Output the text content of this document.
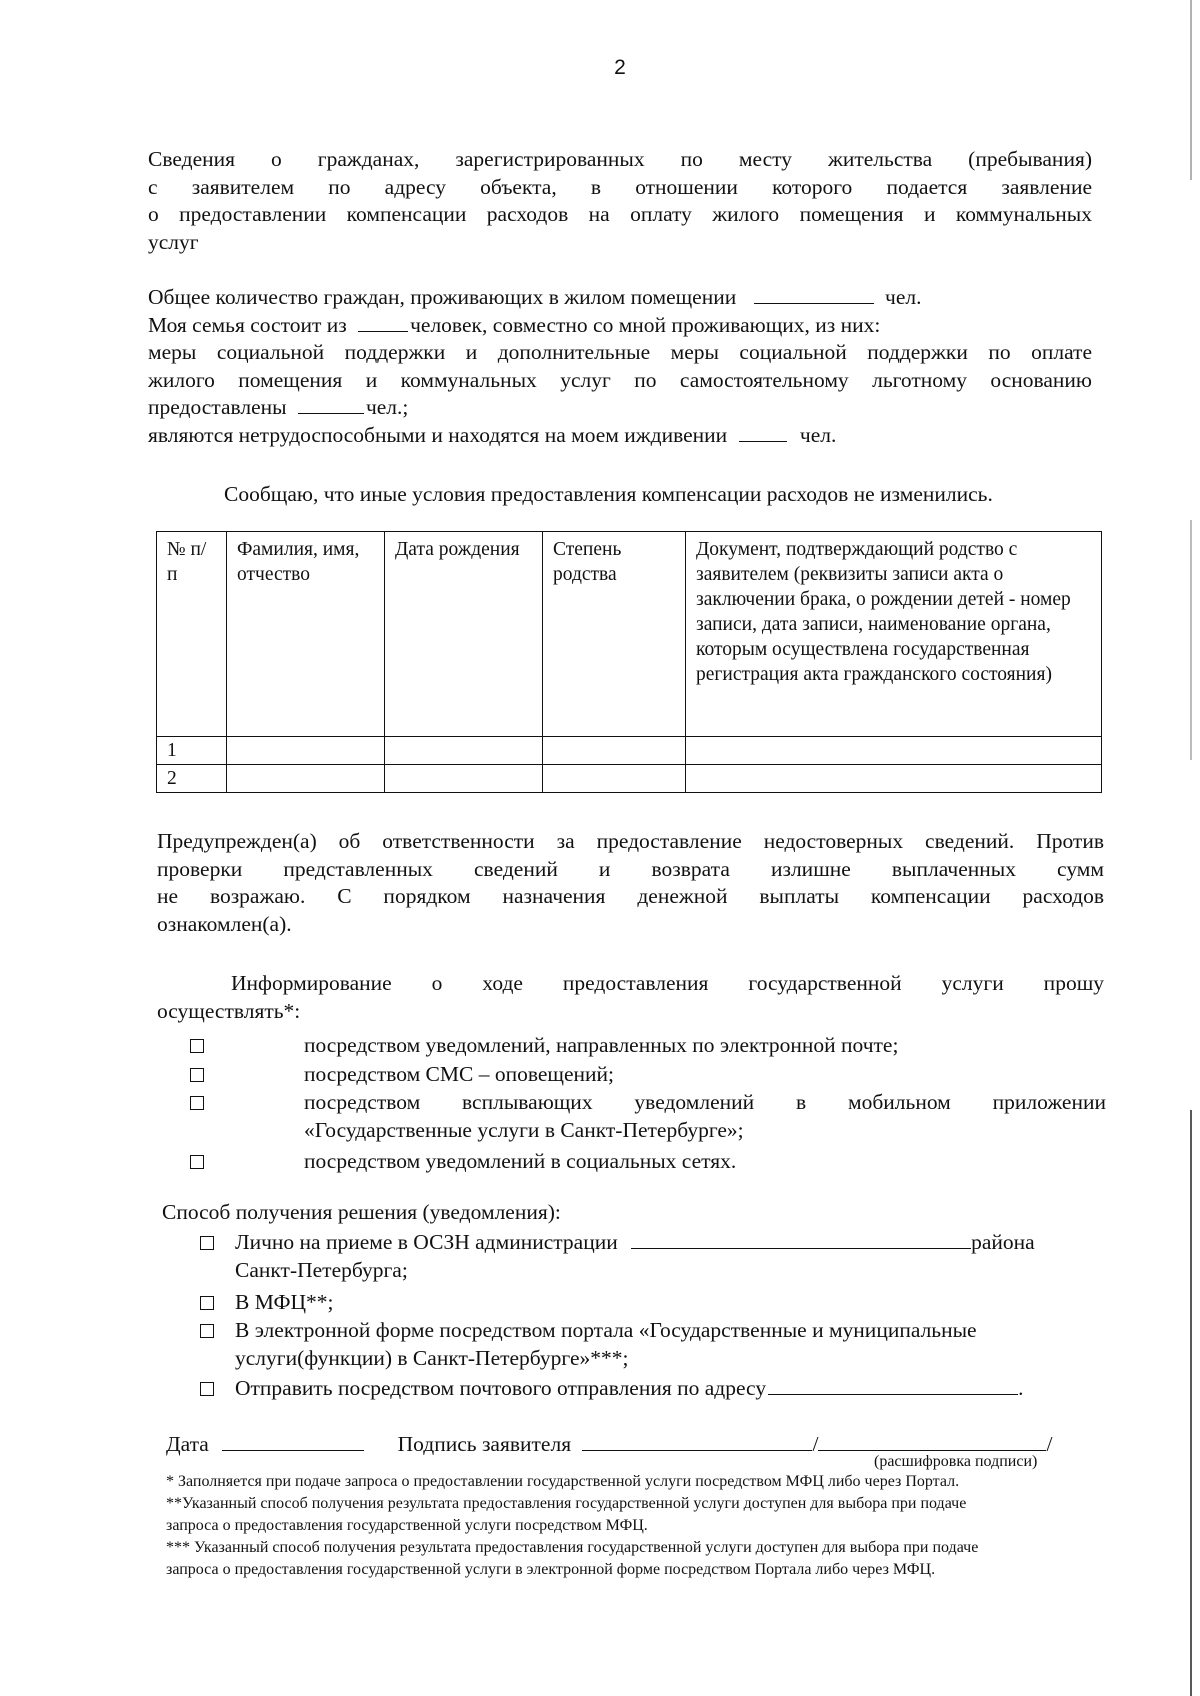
2
Сведения о гражданах, зарегистрированных по месту жительства (пребывания)
с заявителем по адресу объекта, в отношении которого подается заявление
о предоставлении компенсации расходов на оплату жилого помещения и коммунальных
услуг
Общее количество граждан, проживающих в жилом помещении	чел.
Моя семья состоит из	человек, совместно со мной проживающих, из них:
меры социальной поддержки и дополнительные меры социальной поддержки по оплате
жилого помещения и коммунальных услуг по самостоятельному льготному основанию
предоставлены	чел.;
являются нетрудоспособными и находятся на моем иждивении	чел.
Сообщаю, что иные условия предоставления компенсации расходов не изменились.
№ п/п	Фамилия, имя, отчество	Дата рождения	Степень родства	Документ, подтверждающий родство с заявителем (реквизиты записи акта о заключении брака, о рождении детей - номер записи, дата записи, наименование органа, которым осуществлена государственная регистрация акта гражданского состояния)
1				
2				
Предупрежден(а) об ответственности за предоставление недостоверных сведений. Против
проверки представленных сведений и возврата излишне выплаченных сумм
не возражаю. С порядком назначения денежной выплаты компенсации расходов
ознакомлен(а).
Информирование о ходе предоставления государственной услуги прошу
осуществлять*:
посредством уведомлений, направленных по электронной почте;
посредством СМС – оповещений;
посредством всплывающих уведомлений в мобильном приложении
«Государственные услуги в Санкт-Петербурге»;
посредством уведомлений в социальных сетях.
Способ получения решения (уведомления):
Лично на приеме в ОСЗН администрации	района
Санкт-Петербурга;
В МФЦ**;
В электронной форме посредством портала «Государственные и муниципальные
услуги(функции) в Санкт-Петербурге»***;
Отправить посредством почтового отправления по адресу	.
Дата	Подпись заявителя	/	/
(расшифровка подписи)
* Заполняется при подаче запроса о предоставлении государственной услуги посредством МФЦ либо через Портал.
**Указанный способ получения результата предоставления государственной услуги доступен для выбора при подаче
запроса о предоставления государственной услуги посредством МФЦ.
*** Указанный способ получения результата предоставления государственной услуги доступен для выбора при подаче
запроса о предоставления государственной услуги в электронной форме посредством Портала либо через МФЦ.
